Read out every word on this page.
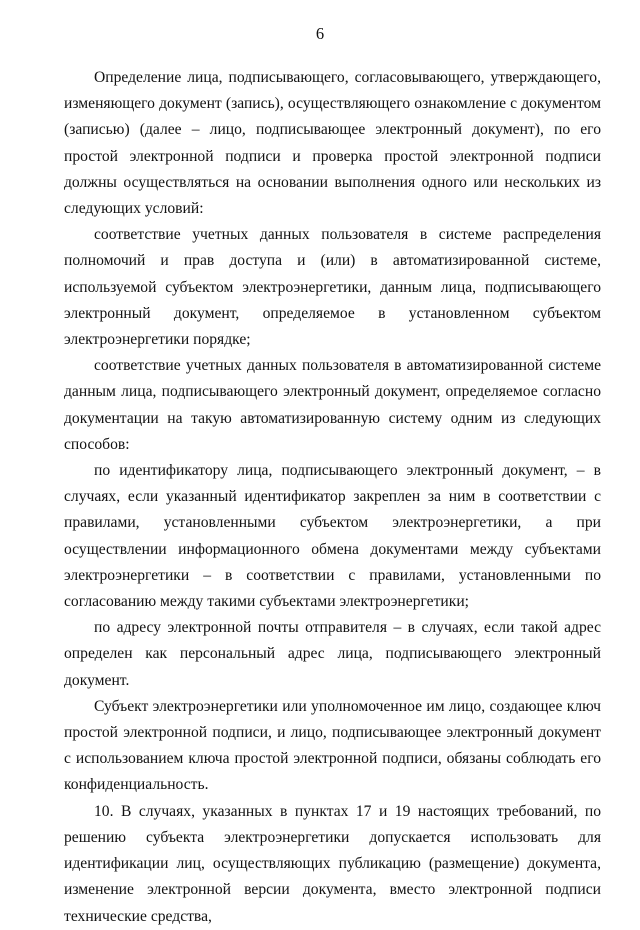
6

Определение лица, подписывающего, согласовывающего, утверждающего, изменяющего документ (запись), осуществляющего ознакомление с документом (записью) (далее – лицо, подписывающее электронный документ), по его простой электронной подписи и проверка простой электронной подписи должны осуществляться на основании выполнения одного или нескольких из следующих условий:

соответствие учетных данных пользователя в системе распределения полномочий и прав доступа и (или) в автоматизированной системе, используемой субъектом электроэнергетики, данным лица, подписывающего электронный документ, определяемое в установленном субъектом электроэнергетики порядке;

соответствие учетных данных пользователя в автоматизированной системе данным лица, подписывающего электронный документ, определяемое согласно документации на такую автоматизированную систему одним из следующих способов:

по идентификатору лица, подписывающего электронный документ, – в случаях, если указанный идентификатор закреплен за ним в соответствии с правилами, установленными субъектом электроэнергетики, а при осуществлении информационного обмена документами между субъектами электроэнергетики – в соответствии с правилами, установленными по согласованию между такими субъектами электроэнергетики;

по адресу электронной почты отправителя – в случаях, если такой адрес определен как персональный адрес лица, подписывающего электронный документ.

Субъект электроэнергетики или уполномоченное им лицо, создающее ключ простой электронной подписи, и лицо, подписывающее электронный документ с использованием ключа простой электронной подписи, обязаны соблюдать его конфиденциальность.

10. В случаях, указанных в пунктах 17 и 19 настоящих требований, по решению субъекта электроэнергетики допускается использовать для идентификации лиц, осуществляющих публикацию (размещение) документа, изменение электронной версии документа, вместо электронной подписи технические средства,
